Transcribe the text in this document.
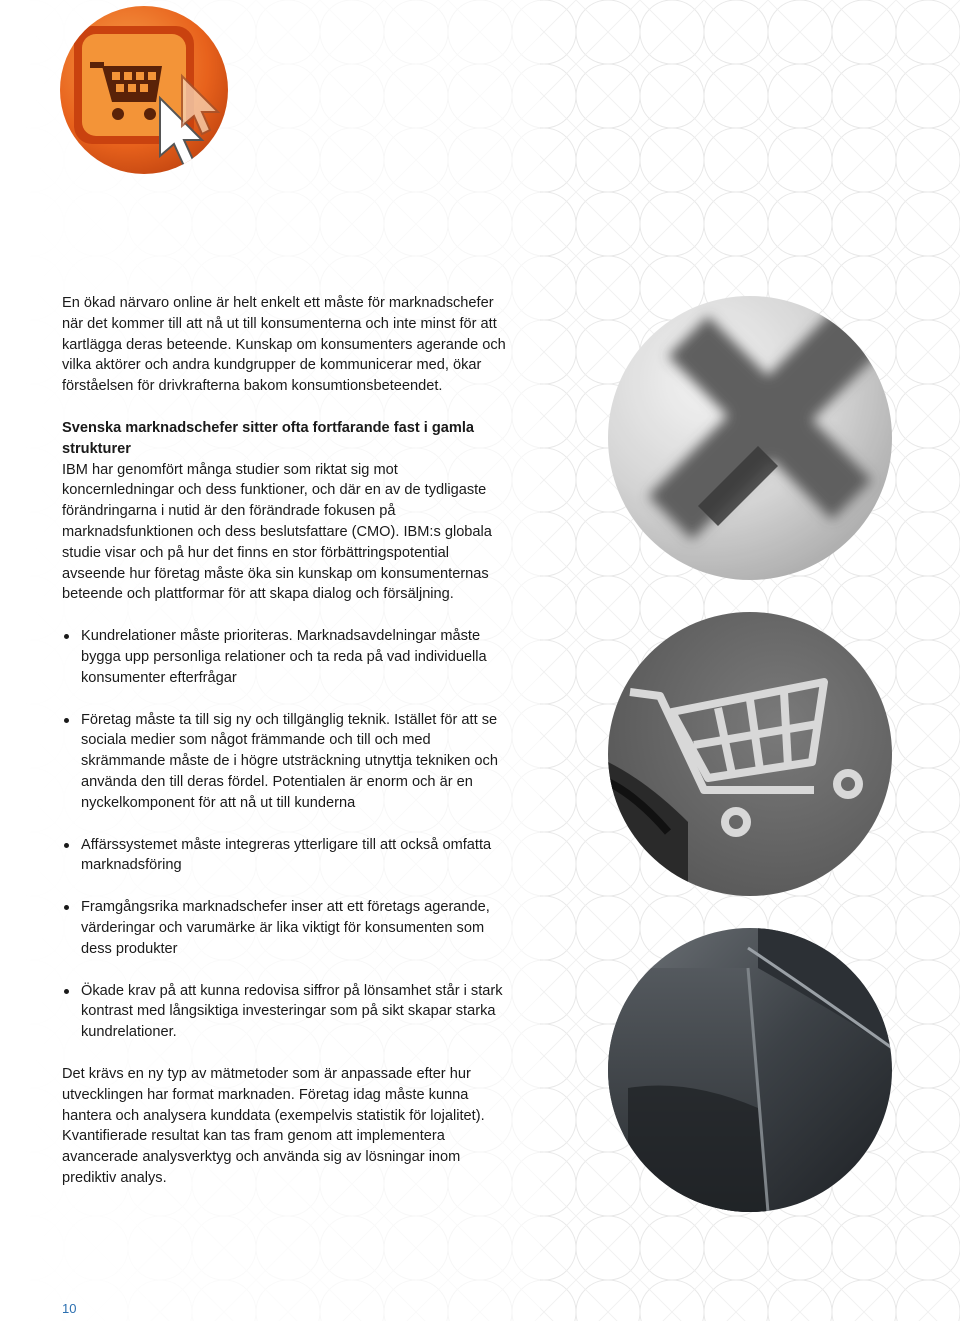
En ökad närvaro online är helt enkelt ett måste för marknadschefer när det kommer till att nå ut till konsumenterna och inte minst för att kartlägga deras beteende. Kunskap om konsumenters agerande och vilka aktörer och andra kundgrupper de kommunicerar med, ökar förståelsen för drivkrafterna bakom konsumtionsbeteendet.

Svenska marknadschefer sitter ofta fortfarande fast i gamla strukturer

IBM har genomfört många studier som riktat sig mot koncernledningar och dess funktioner, och där en av de tydligaste förändringarna i nutid är den förändrade fokusen på marknadsfunktionen och dess beslutsfattare (CMO). IBM:s globala studie visar och på hur det finns en stor förbättringspotential avseende hur företag måste öka sin kunskap om konsumenternas beteende och plattformar för att skapa dialog och försäljning.

Kundrelationer måste prioriteras. Marknadsavdelningar måste bygga upp personliga relationer och ta reda på vad individuella konsumenter efterfrågar
Företag måste ta till sig ny och tillgänglig teknik. Istället för att se sociala medier som något främmande och till och med skrämmande måste de i högre utsträckning utnyttja tekniken och använda den till deras fördel. Potentialen är enorm och är en nyckelkomponent för att nå ut till kunderna
Affärssystemet måste integreras ytterligare till att också omfatta marknadsföring
Framgångsrika marknadschefer inser att ett företags agerande, värderingar och varumärke är lika viktigt för konsumenten som dess produkter
Ökade krav på att kunna redovisa siffror på lönsamhet står i stark kontrast med långsiktiga investeringar som på sikt skapar starka kundrelationer.

Det krävs en ny typ av mätmetoder som är anpassade efter hur utvecklingen har format marknaden. Företag idag måste kunna hantera och analysera kunddata (exempelvis statistik för lojalitet). Kvantifierade resultat kan tas fram genom att implementera avancerade analysverktyg och använda sig av lösningar inom prediktiv analys.

10
